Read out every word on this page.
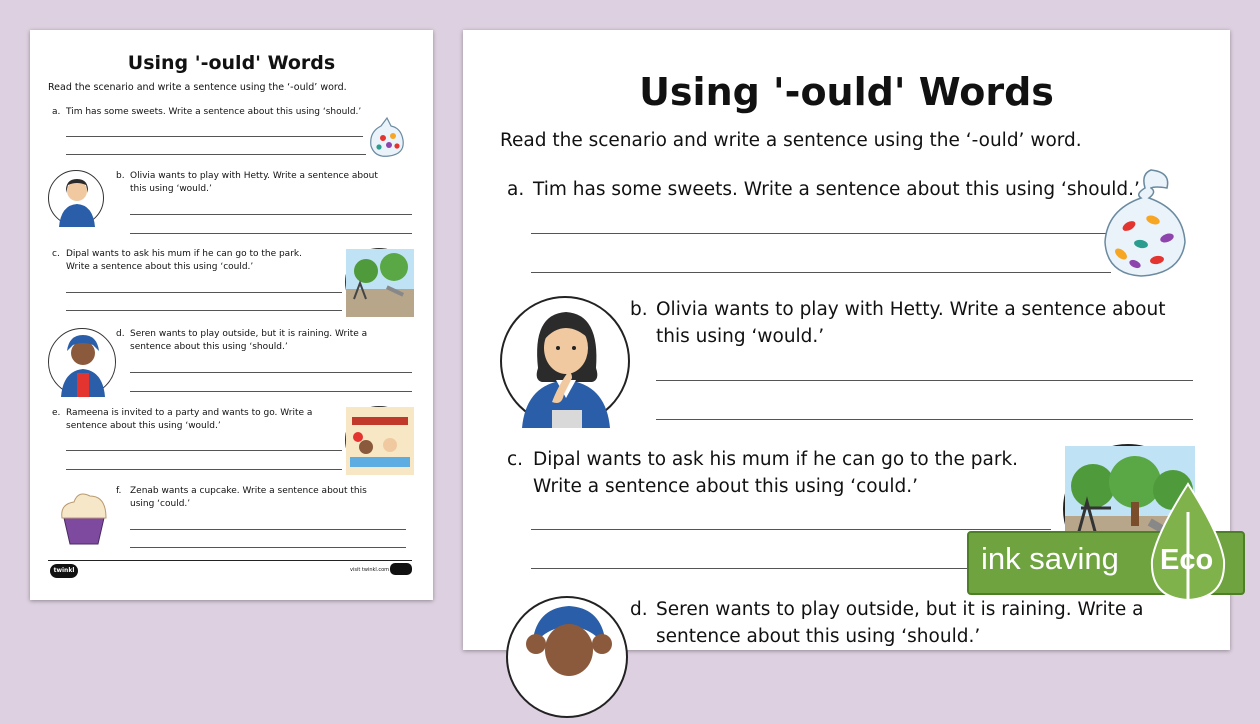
Using '-ould' Words
Read the scenario and write a sentence using the ‘-ould’ word.
a. Tim has some sweets. Write a sentence about this using ‘should.’
b. Olivia wants to play with Hetty. Write a sentence about
this using ‘would.’
c. Dipal wants to ask his mum if he can go to the park.
Write a sentence about this using ‘could.’
d. Seren wants to play outside, but it is raining. Write a
sentence about this using ‘should.’
e. Rameena is invited to a party and wants to go. Write a
sentence about this using ‘would.’
f. Zenab wants a cupcake. Write a sentence about this
using ‘could.’
twinkl	visit twinkl.com
Using '-ould' Words
Read the scenario and write a sentence using the ‘-ould’ word.
a. Tim has some sweets. Write a sentence about this using ‘should.’
b. Olivia wants to play with Hetty. Write a sentence about
this using ‘would.’
c. Dipal wants to ask his mum if he can go to the park.
Write a sentence about this using ‘could.’
d. Seren wants to play outside, but it is raining. Write a
sentence about this using ‘should.’
ink saving Eco
